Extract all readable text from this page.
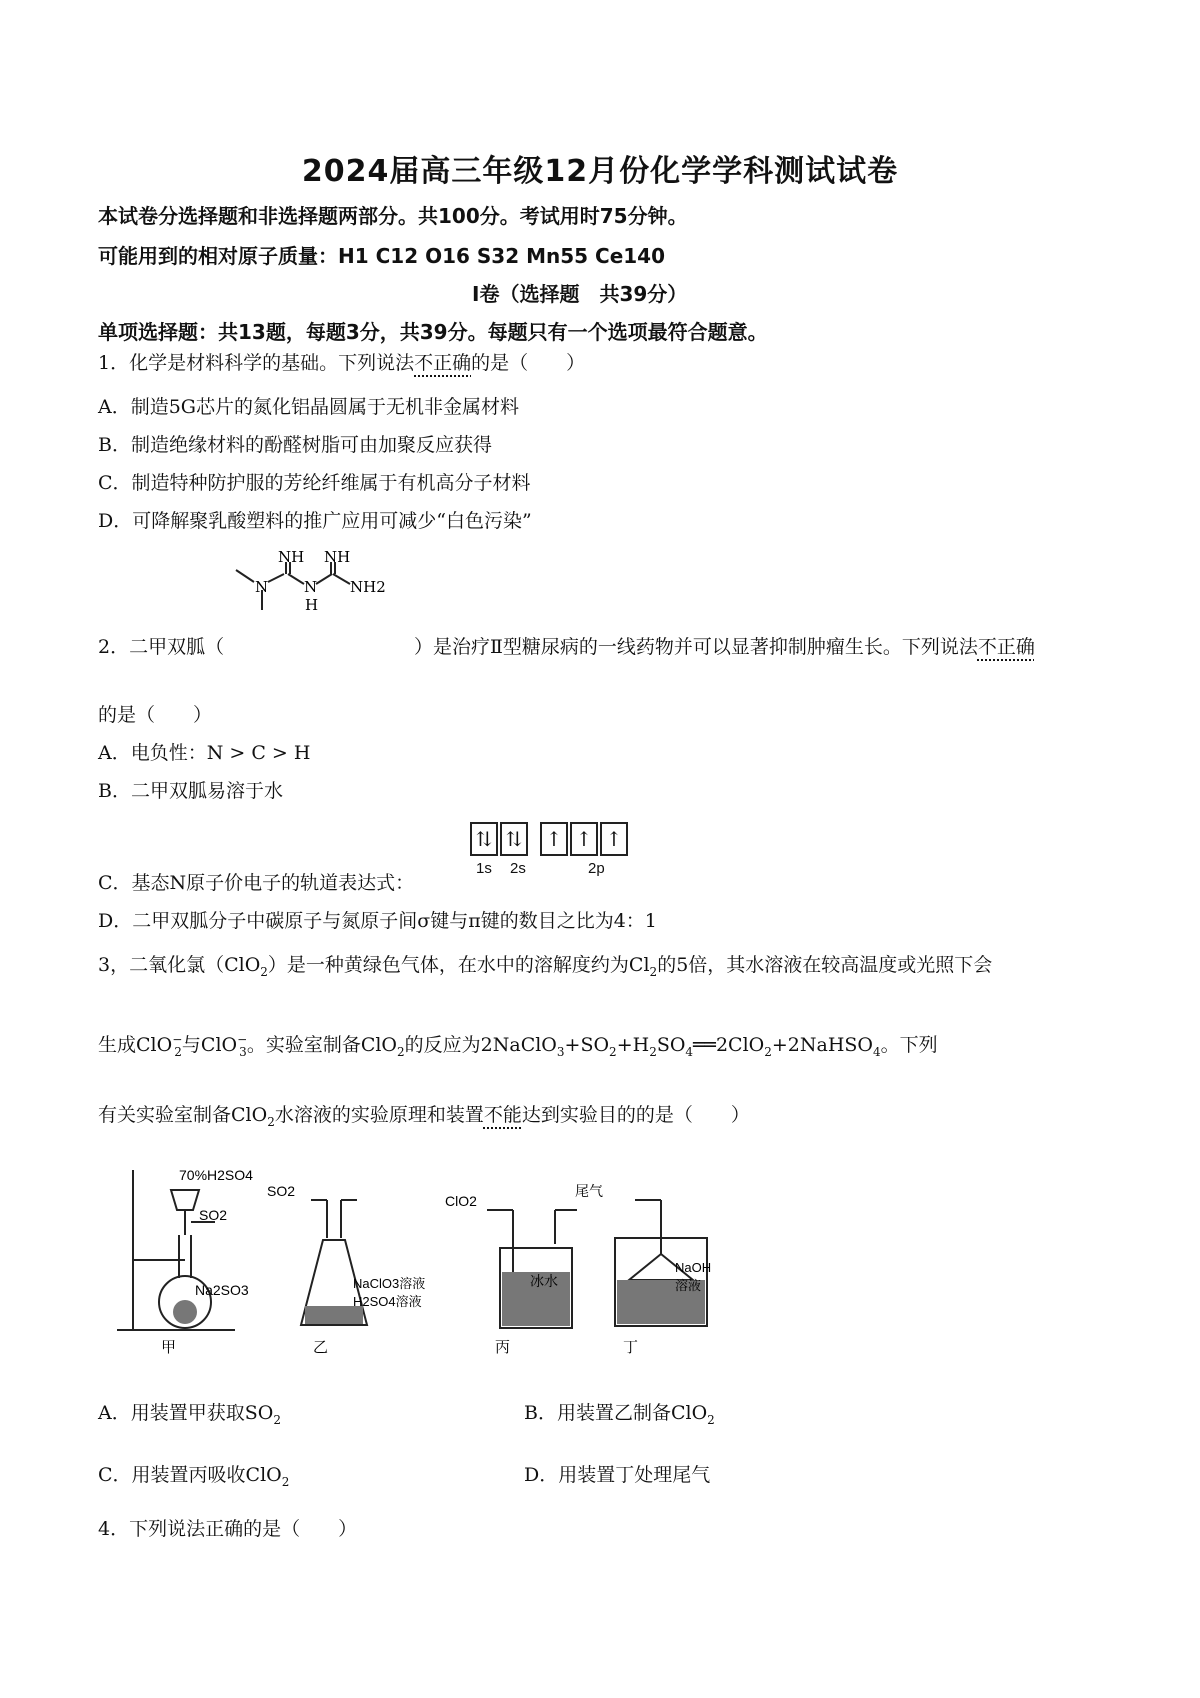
2024届高三年级12月份化学学科测试试卷
本试卷分选择题和非选择题两部分。共100分。考试用时75分钟。
可能用到的相对原子质量：H1 C12 O16 S32 Mn55 Ce140
Ⅰ卷（选择题　共39分）
单项选择题：共13题，每题3分，共39分。每题只有一个选项最符合题意。
1．化学是材料科学的基础。下列说法不正确的是（　　）
A．制造5G芯片的氮化铝晶圆属于无机非金属材料
B．制造绝缘材料的酚醛树脂可由加聚反应获得
C．制造特种防护服的芳纶纤维属于有机高分子材料
D．可降解聚乳酸塑料的推广应用可减少“白色污染”
NH NH
N N
H
NH2
2．二甲双胍（	）是治疗Ⅱ型糖尿病的一线药物并可以显著抑制肿瘤生长。下列说法不正确
的是（　　）
A．电负性：N > C > H
B．二甲双胍易溶于水
⇅ ⇅ ↑ ↑ ↑
1s 2s	2p
C．基态N原子价电子的轨道表达式：
D．二甲双胍分子中碳原子与氮原子间σ键与π键的数目之比为4：1
3，二氧化氯（ClO$_2$）是一种黄绿色气体，在水中的溶解度约为$Cl_2$的5倍，其水溶液在较高温度或光照下会
生成ClO−$_2$与ClO−$_3$。实验室制备ClO$_2$的反应为$2NaClO_3+SO_2+H_2SO_4══2ClO_2+2NaHSO_4$。下列
有关实验室制备ClO$_2$水溶液的实验原理和装置不能达到实验目的的是（　　）
70%H2SO4
SO2
Na2SO3
甲
SO2
NaClO3溶液
H2SO4溶液
乙
ClO2
冰水
丙
尾气
NaOH
溶液
丁
A．用装置甲获取$SO_2$	B．用装置乙制备ClO$_2$
C．用装置丙吸收ClO$_2$	D．用装置丁处理尾气
4．下列说法正确的是（　　）
